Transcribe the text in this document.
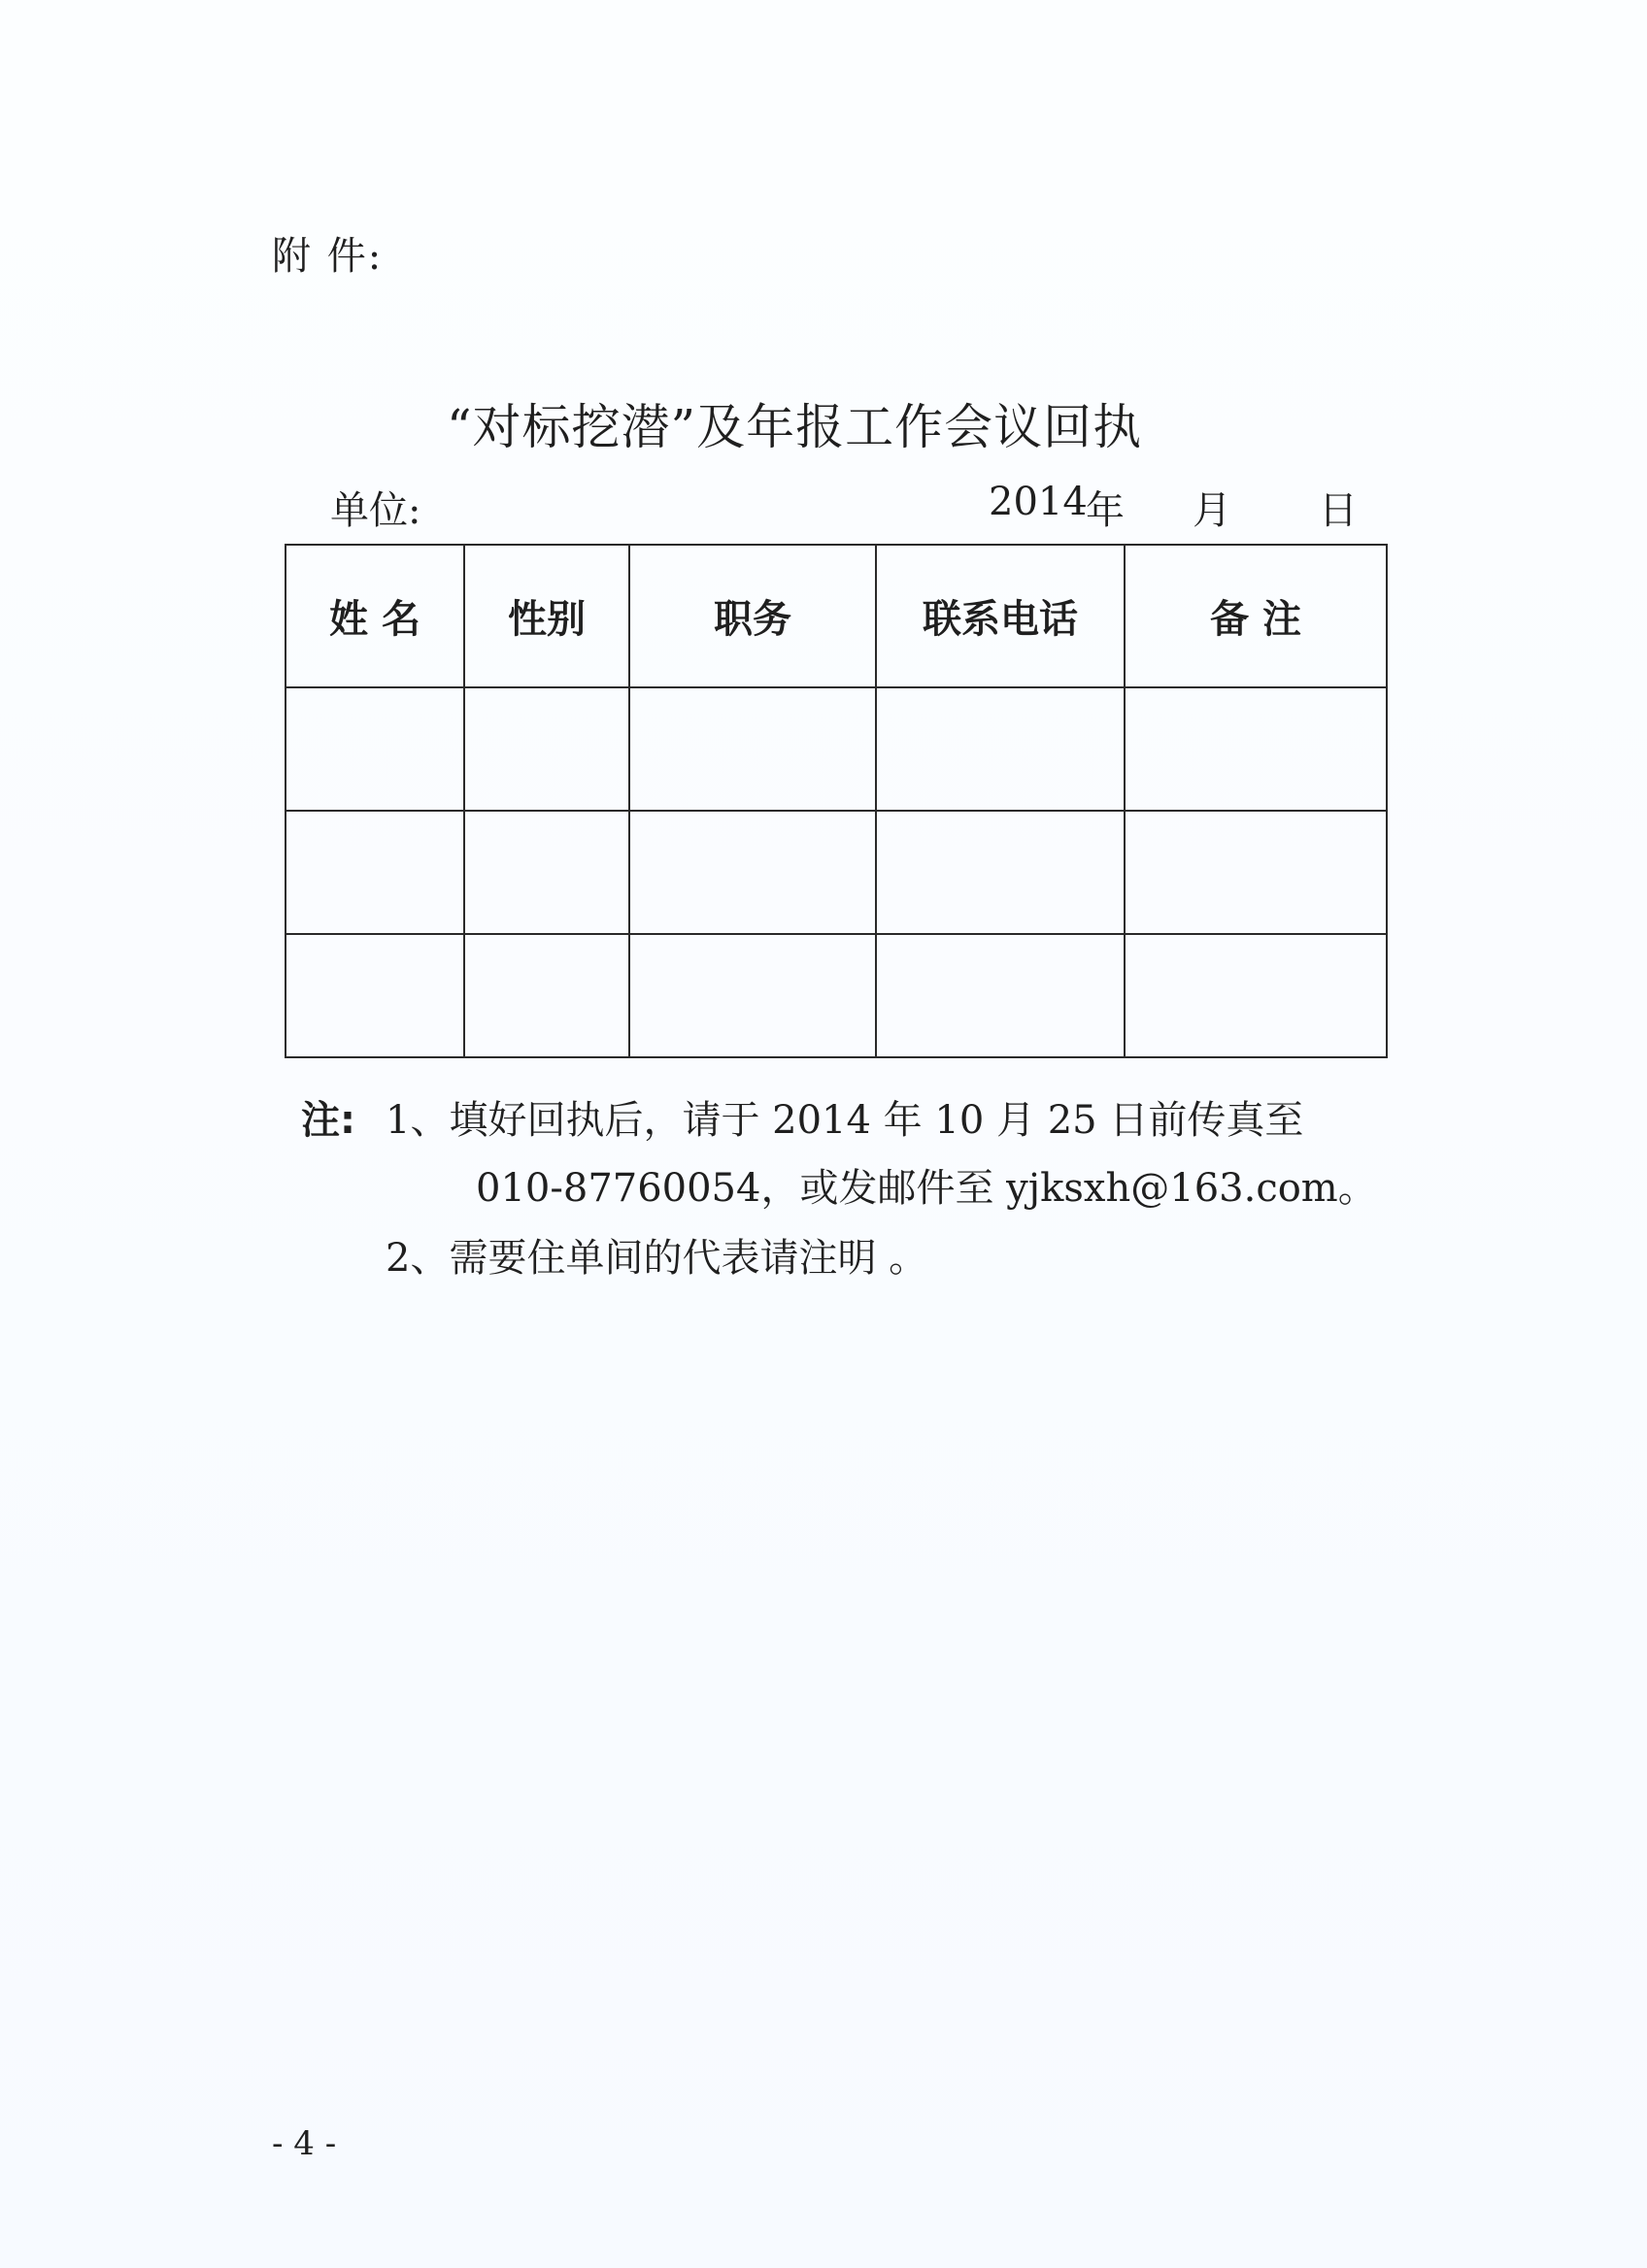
附 件:
“对标挖潜”及年报工作会议回执
单位:	2014
年	月	日
姓 名	性别	职务	联系电话	备 注

注: 1、填好回执后，请于 2014 年 10 月 25 日前传真至
010-87760054，或发邮件至 yjksxh@163.com。
2、需要住单间的代表请注明 。
- 4 -
